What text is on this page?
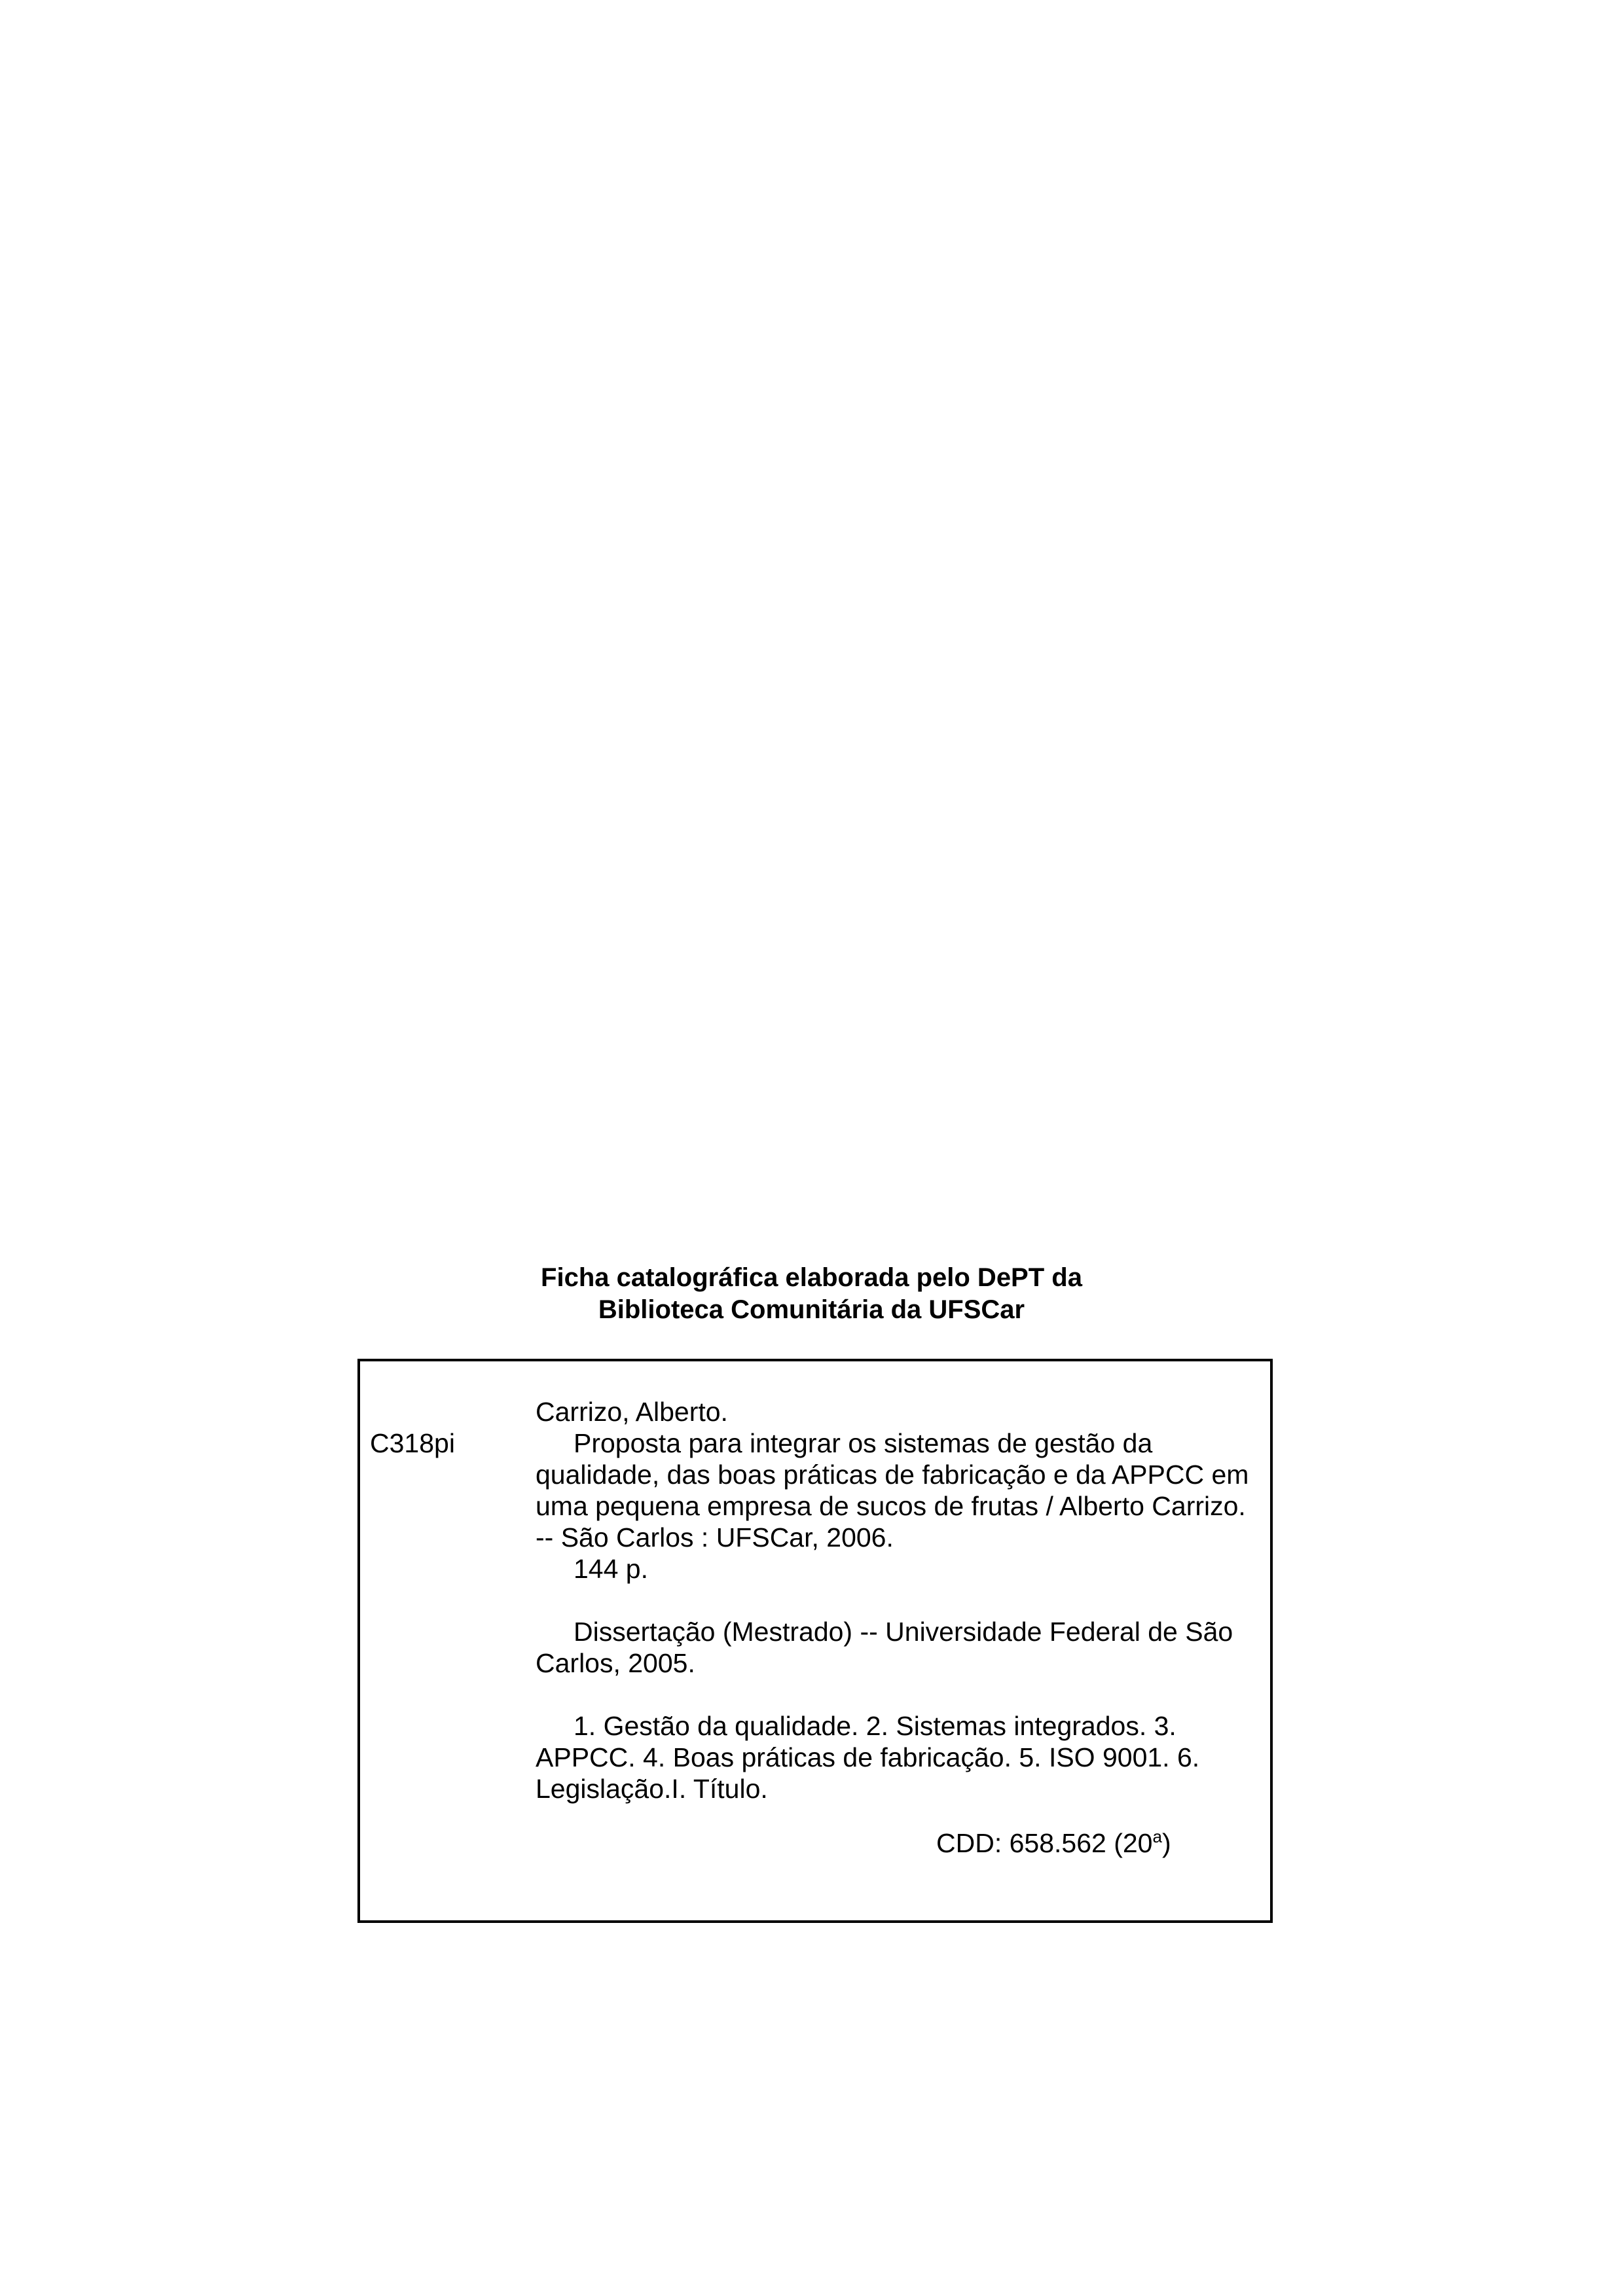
Ficha catalográfica elaborada pelo DePT da
Biblioteca Comunitária da UFSCar
C318pi
Carrizo, Alberto.
Proposta para integrar os sistemas de gestão da
qualidade, das boas práticas de fabricação e da APPCC em
uma pequena empresa de sucos de frutas / Alberto Carrizo.
-- São Carlos : UFSCar, 2006.
144 p.
Dissertação (Mestrado) -- Universidade Federal de São
Carlos, 2005.
1. Gestão da qualidade. 2. Sistemas integrados. 3.
APPCC. 4. Boas práticas de fabricação. 5. ISO 9001. 6.
Legislação.I. Título.
CDD: 658.562 (20$^a$)
